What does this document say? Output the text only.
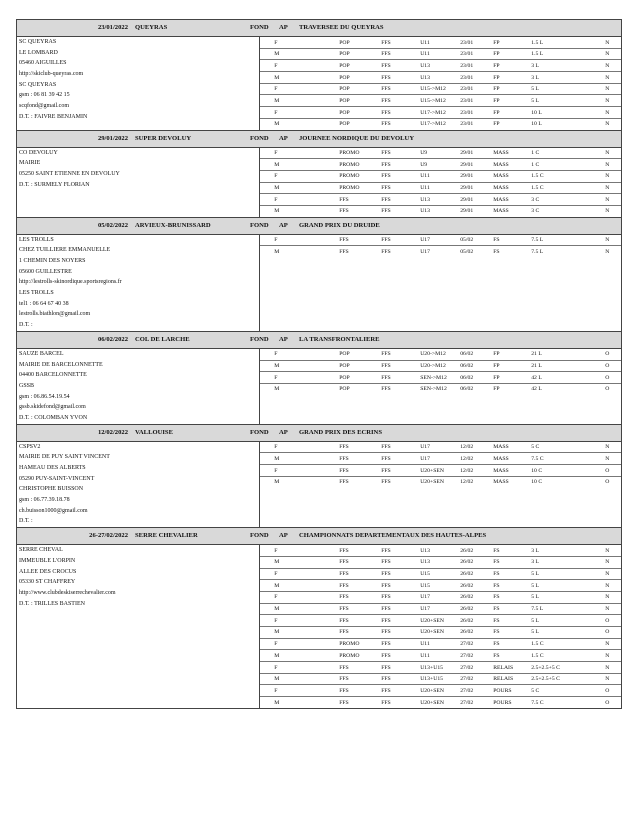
23/01/2022 QUEYRAS	FOND AP TRAVERSEE DU QUEYRAS
SC QUEYRAS
LE LOMBARD
05460 AIGUILLES
http://skiclub-queyras.com
SC QUEYRAS
gsm : 06 81 39 42 15
scqfond@gmail.com
D.T. : FAIVRE BENJAMIN
F	POP	FFS	U11	23/01	FP	1.5 L	N
M	POP	FFS	U11	23/01	FP	1.5 L	N
F	POP	FFS	U13	23/01	FP	3 L	N
M	POP	FFS	U13	23/01	FP	3 L	N
F	POP	FFS	U15->M12	23/01	FP	5 L	N
M	POP	FFS	U15->M12	23/01	FP	5 L	N
F	POP	FFS	U17->M12	23/01	FP	10 L	N
M	POP	FFS	U17->M12	23/01	FP	10 L	N
29/01/2022 SUPER DEVOLUY	FOND AP JOURNEE NORDIQUE DU DEVOLUY
CO DEVOLUY
MAIRIE
05250 SAINT ETIENNE EN DEVOLUY
D.T. : SURMELY FLORIAN
F	PROMO	FFS	U9	29/01	MASS	1 C	N
M	PROMO	FFS	U9	29/01	MASS	1 C	N
F	PROMO	FFS	U11	29/01	MASS	1.5 C	N
M	PROMO	FFS	U11	29/01	MASS	1.5 C	N
F	FFS	FFS	U13	29/01	MASS	3 C	N
M	FFS	FFS	U13	29/01	MASS	3 C	N
05/02/2022 ARVIEUX-BRUNISSARD	FOND AP GRAND PRIX DU DRUIDE
LES TROLLS
CHEZ TUILLIERE EMMANUELLE
1 CHEMIN DES NOYERS
05600 GUILLESTRE
http://lestrolls-skinordique.sportsregions.fr
LES TROLLS
tel1 : 06 64 67 40 38
lestrolls.biathlon@gmail.com
D.T. :
F	FFS	FFS	U17	05/02	FS	7.5 L	N
M	FFS	FFS	U17	05/02	FS	7.5 L	N
06/02/2022 COL DE LARCHE	FOND AP LA TRANSFRONTALIERE
SAUZE BARCEL
MAIRIE DE BARCELONNETTE
04400 BARCELONNETTE
GSSB
gsm : 06.86.54.19.54
gssb.skidefond@gmail.com
D.T. : COLOMBAN YVON
F	POP	FFS	U20->M12	06/02	FP	21 L	O
M	POP	FFS	U20->M12	06/02	FP	21 L	O
F	POP	FFS	SEN->M12 06/02	FP	42 L	O
M	POP	FFS	SEN->M12 06/02	FP	42 L	O
12/02/2022 VALLOUISE	FOND AP GRAND PRIX DES ECRINS
CSPSV2
MAIRIE DE PUY SAINT VINCENT
HAMEAU DES ALBERTS
05290 PUY-SAINT-VINCENT
CHRISTOPHE BUISSON
gsm : 06.77.39.18.78
ch.buisson1000@gmail.com
D.T. :
F	FFS	FFS	U17	12/02	MASS	5 C	N
M	FFS	FFS	U17	12/02	MASS	7.5 C	N
F	FFS	FFS	U20+SEN	12/02	MASS	10 C	O
M	FFS	FFS	U20+SEN	12/02	MASS	10 C	O
26-27/02/2022 SERRE CHEVALIER	FOND AP CHAMPIONNATS DEPARTEMENTAUX DES HAUTES-ALPES
SERRE CHEVAL
IMMEUBLE L'ORPIN
ALLEE DES CROCUS
05330 ST CHAFFREY
http://www.clubdeskiserrechevalier.com
D.T. : TRILLES BASTIEN
F	FFS	FFS	U13	26/02	FS	3 L	N
M	FFS	FFS	U13	26/02	FS	3 L	N
F	FFS	FFS	U15	26/02	FS	5 L	N
M	FFS	FFS	U15	26/02	FS	5 L	N
F	FFS	FFS	U17	26/02	FS	5 L	N
M	FFS	FFS	U17	26/02	FS	7.5 L	N
F	FFS	FFS	U20+SEN	26/02	FS	5 L	O
M	FFS	FFS	U20+SEN	26/02	FS	5 L	O
F	PROMO	FFS	U11	27/02	FS	1.5 C	N
M	PROMO	FFS	U11	27/02	FS	1.5 C	N
F	FFS	FFS	U13+U15	27/02	RELAIS	2.5+2.5+5 C	N
M	FFS	FFS	U13+U15	27/02	RELAIS	2.5+2.5+5 C	N
F	FFS	FFS	U20+SEN	27/02	POURS	5 C	O
M	FFS	FFS	U20+SEN	27/02	POURS	7.5 C	O
